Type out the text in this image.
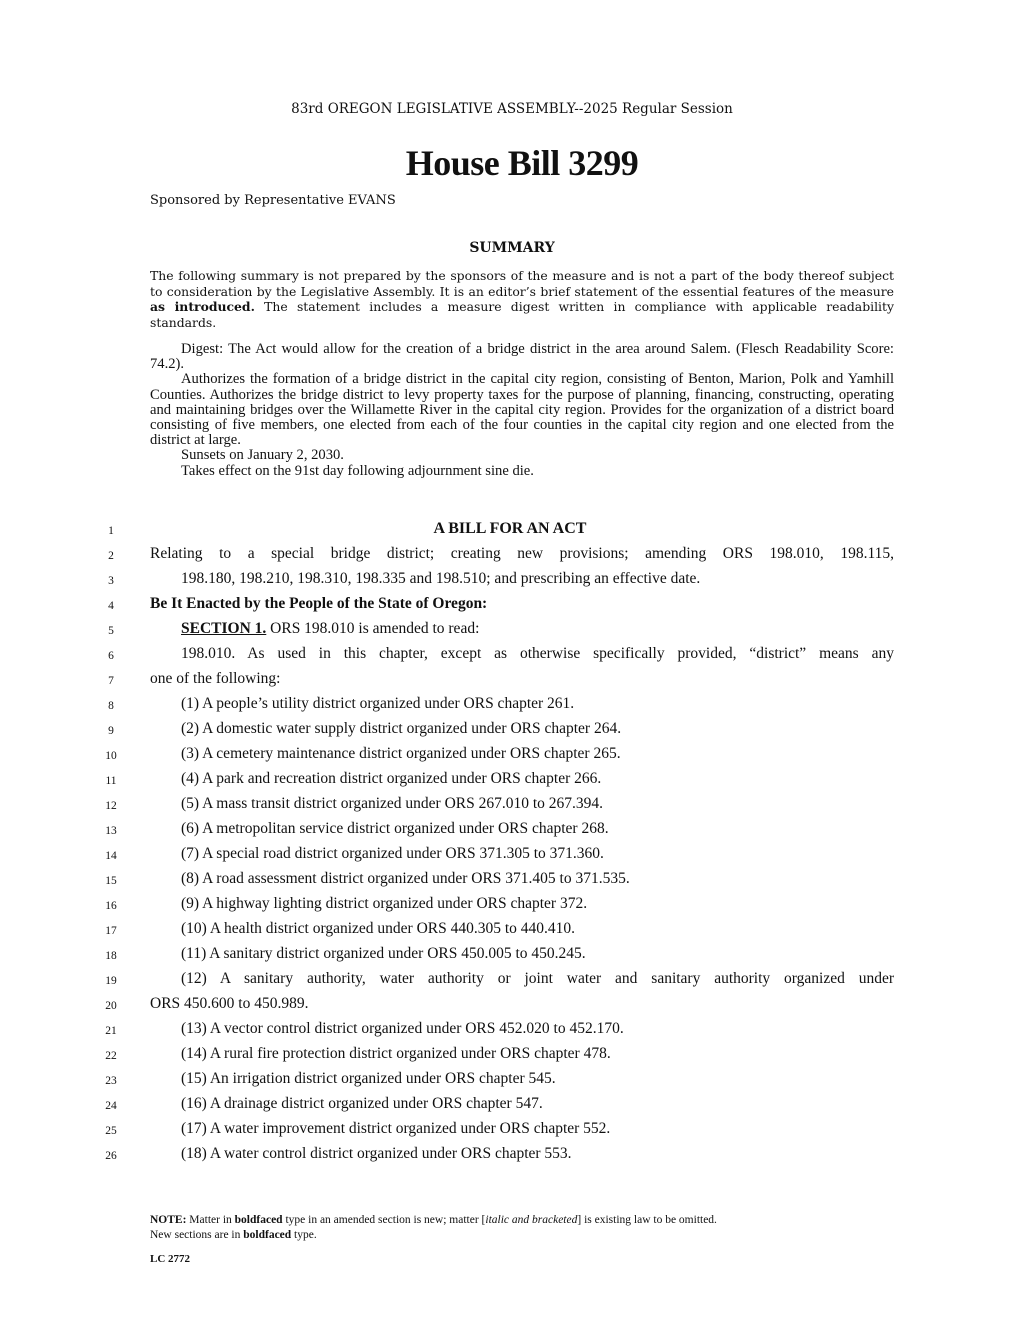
83rd OREGON LEGISLATIVE ASSEMBLY--2025 Regular Session
House Bill 3299
Sponsored by Representative EVANS
SUMMARY
The following summary is not prepared by the sponsors of the measure and is not a part of the body thereof subject to consideration by the Legislative Assembly. It is an editor’s brief statement of the essential features of the measure as introduced. The statement includes a measure digest written in compliance with applicable readability standards.

Digest: The Act would allow for the creation of a bridge district in the area around Salem. (Flesch Readability Score: 74.2).

Authorizes the formation of a bridge district in the capital city region, consisting of Benton, Marion, Polk and Yamhill Counties. Authorizes the bridge district to levy property taxes for the purpose of planning, financing, constructing, operating and maintaining bridges over the Willamette River in the capital city region. Provides for the organization of a district board consisting of five members, one elected from each of the four counties in the capital city region and one elected from the district at large.

Sunsets on January 2, 2030.

Takes effect on the 91st day following adjournment sine die.

1
2
3
4
5
6
7
8
9
10
11
12
13
14
15
16
17
18
19
20
21
22
23
24
25
26
A BILL FOR AN ACT
Relating to a special bridge district; creating new provisions; amending ORS 198.010, 198.115,
198.180, 198.210, 198.310, 198.335 and 198.510; and prescribing an effective date.
Be It Enacted by the People of the State of Oregon:
SECTION 1. ORS 198.010 is amended to read:
198.010. As used in this chapter, except as otherwise specifically provided, “district” means any
one of the following:
(1) A people’s utility district organized under ORS chapter 261.
(2) A domestic water supply district organized under ORS chapter 264.
(3) A cemetery maintenance district organized under ORS chapter 265.
(4) A park and recreation district organized under ORS chapter 266.
(5) A mass transit district organized under ORS 267.010 to 267.394.
(6) A metropolitan service district organized under ORS chapter 268.
(7) A special road district organized under ORS 371.305 to 371.360.
(8) A road assessment district organized under ORS 371.405 to 371.535.
(9) A highway lighting district organized under ORS chapter 372.
(10) A health district organized under ORS 440.305 to 440.410.
(11) A sanitary district organized under ORS 450.005 to 450.245.
(12) A sanitary authority, water authority or joint water and sanitary authority organized under
ORS 450.600 to 450.989.
(13) A vector control district organized under ORS 452.020 to 452.170.
(14) A rural fire protection district organized under ORS chapter 478.
(15) An irrigation district organized under ORS chapter 545.
(16) A drainage district organized under ORS chapter 547.
(17) A water improvement district organized under ORS chapter 552.
(18) A water control district organized under ORS chapter 553.
NOTE: Matter in boldfaced type in an amended section is new; matter [italic and bracketed] is existing law to be omitted.
New sections are in boldfaced type.
LC 2772
